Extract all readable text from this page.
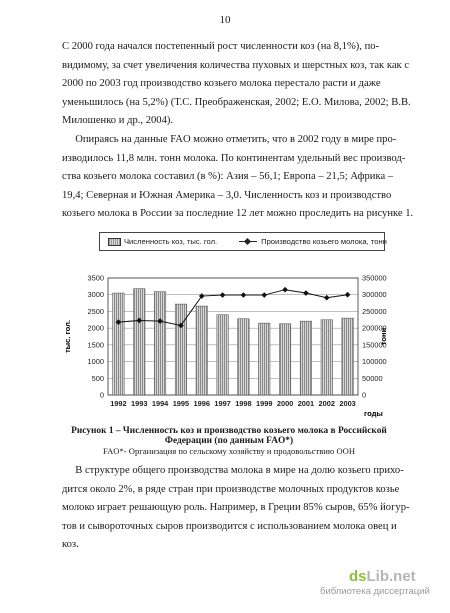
10

С 2000 года начался постепенный рост численности коз (на 8,1%), по-
видимому, за счет увеличения количества пуховых и шерстных коз, так как с
2000 по 2003 год производство козьего молока перестало расти и даже
уменьшилось (на 5,2%) (Т.С. Преображенская, 2002; Е.О. Милова, 2002; В.В.
Милошенко и др., 2004).

Опираясь на данные FAO можно отметить, что в 2002 году в мире про-
изводилось 11,8 млн. тонн молока. По континентам удельный вес производ-
ства козьего молока составил (в %): Азия – 56,1; Европа – 21,5; Африка –
19,4; Северная и Южная Америка – 3,0. Численность коз и производство
козьего молока в России за последние 12 лет можно проследить на рисунке 1.

Численность коз, тыс. гол.	Производство козьего молока, тонн
0
500
1000
1500
2000
2500
3000
3500
0
50000
100000
150000
200000
250000
300000
350000
1992 1993 1994 1995 1996 1997 1998 1999 2000 2001 2002 2003
тыс. гол.	тонн
годы
Рисунок 1 – Численность коз и производство козьего молока в Российской
Федерации (по данным FAO*)
FAO*- Организация по сельскому хозяйству и продовольствию ООН

В структуре общего производства молока в мире на долю козьего прихо-
дится около 2%, в ряде стран при производстве молочных продуктов козье
молоко играет решающую роль. Например, в Греции 85% сыров, 65% йогур-
тов и сывороточных сыров производится с использованием молока овец и
коз.

dsLib.net
библиотека диссертаций
